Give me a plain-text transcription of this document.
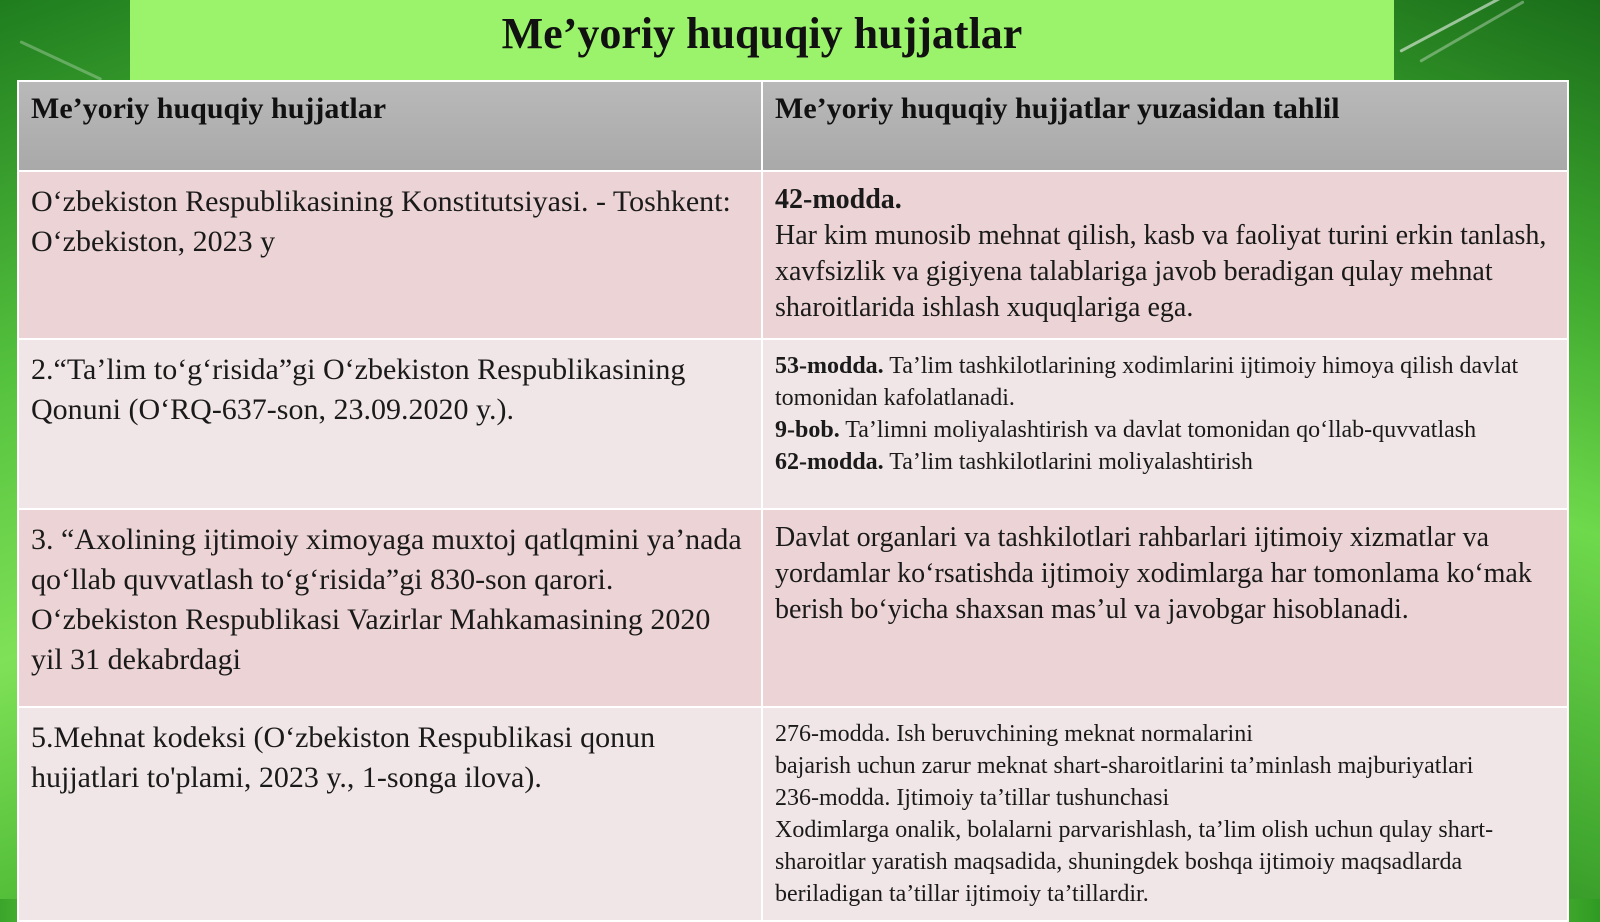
Me’yoriy huquqiy hujjatlar
Me’yoriy huquqiy hujjatlar	Me’yoriy huquqiy hujjatlar yuzasidan tahlil
O‘zbekiston Respublikasining Konstitutsiyasi. - Toshkent: O‘zbekiston, 2023 y	42-modda.
Har kim munosib mehnat qilish, kasb va faoliyat turini erkin tanlash, xavfsizlik va gigiyena talablariga javob beradigan qulay mehnat sharoitlarida ishlash xuquqlariga ega.

2.“Ta’lim to‘g‘risida”gi O‘zbekiston Respublikasining Qonuni (O‘RQ-637-son, 23.09.2020 y.).	53-modda. Ta’lim tashkilotlarining xodimlarini ijtimoiy himoya qilish davlat tomonidan kafolatlanadi.
9-bob. Ta’limni moliyalashtirish va davlat tomonidan qo‘llab-quvvatlash
62-modda. Ta’lim tashkilotlarini moliyalashtirish

3. “Axolining ijtimoiy ximoyaga muxtoj qatlqmini ya’nada qo‘llab quvvatlash to‘g‘risida”gi 830-son qarori. O‘zbekiston Respublikasi Vazirlar Mahkamasining 2020 yil 31 dekabrdagi	Davlat organlari va tashkilotlari rahbarlari ijtimoiy xizmatlar va yordamlar ko‘rsatishda ijtimoiy xodimlarga har tomonlama ko‘mak berish bo‘yicha shaxsan mas’ul va javobgar hisoblanadi.

5.Mehnat kodeksi (O‘zbekiston Respublikasi qonun hujjatlari to'plami, 2023 y., 1-songa ilova).	276-modda. Ish beruvchining meknat normalarini
bajarish uchun zarur meknat shart-sharoitlarini ta’minlash majburiyatlari
236-modda. Ijtimoiy ta’tillar tushunchasi
Xodimlarga onalik, bolalarni parvarishlash, ta’lim olish uchun qulay shart-sharoitlar yaratish maqsadida, shuningdek boshqa ijtimoiy maqsadlarda beriladigan ta’tillar ijtimoiy ta’tillardir.
